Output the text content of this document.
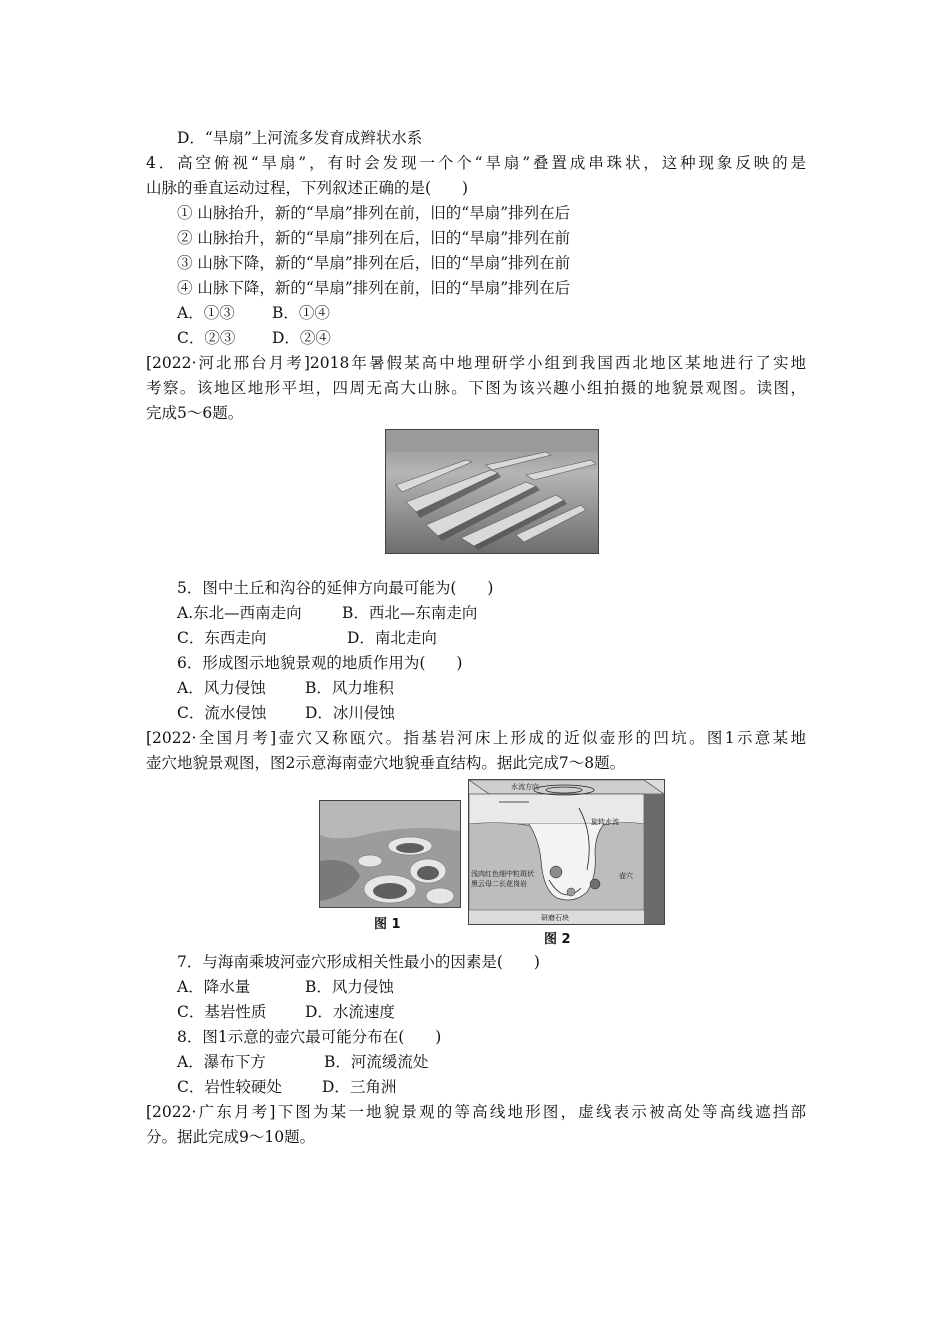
D．“旱扇”上河流多发育成辫状水系
4．高空俯视“旱扇”，有时会发现一个个“旱扇”叠置成串珠状，这种现象反映的是
山脉的垂直运动过程，下列叙述正确的是(　　)
① 山脉抬升，新的“旱扇”排列在前，旧的“旱扇”排列在后
② 山脉抬升，新的“旱扇”排列在后，旧的“旱扇”排列在前
③ 山脉下降，新的“旱扇”排列在后，旧的“旱扇”排列在前
④ 山脉下降，新的“旱扇”排列在前，旧的“旱扇”排列在后
A．①③ B．①④
C．②③ D．②④
[2022·河北邢台月考]2018年暑假某高中地理研学小组到我国西北地区某地进行了实地
考察。该地区地形平坦，四周无高大山脉。下图为该兴趣小组拍摄的地貌景观图。读图，
完成5～6题。
5．图中土丘和沟谷的延伸方向最可能为(　　)
A.东北—西南走向	B．西北—东南走向
C．东西走向	D．南北走向
6．形成图示地貌景观的地质作用为(　　)
A．风力侵蚀	B．风力堆积
C．流水侵蚀 D．冰川侵蚀
[2022·全国月考]壶穴又称瓯穴。指基岩河床上形成的近似壶形的凹坑。图1示意某地
壶穴地貌景观图，图2示意海南壶穴地貌垂直结构。据此完成7～8题。
图 1
水流方向
旋转水流
壶穴
浅肉红色细中粒斑状
黑云母二长花岗岩
研磨石块
图 2
7．与海南乘坡河壶穴形成相关性最小的因素是(　　)
A．降水量	B．风力侵蚀
C．基岩性质 D．水流速度
8．图1示意的壶穴最可能分布在(　　)
A．瀑布下方	B．河流缓流处
C．岩性较硬处	D．三角洲
[2022·广东月考]下图为某一地貌景观的等高线地形图，虚线表示被高处等高线遮挡部
分。据此完成9～10题。
